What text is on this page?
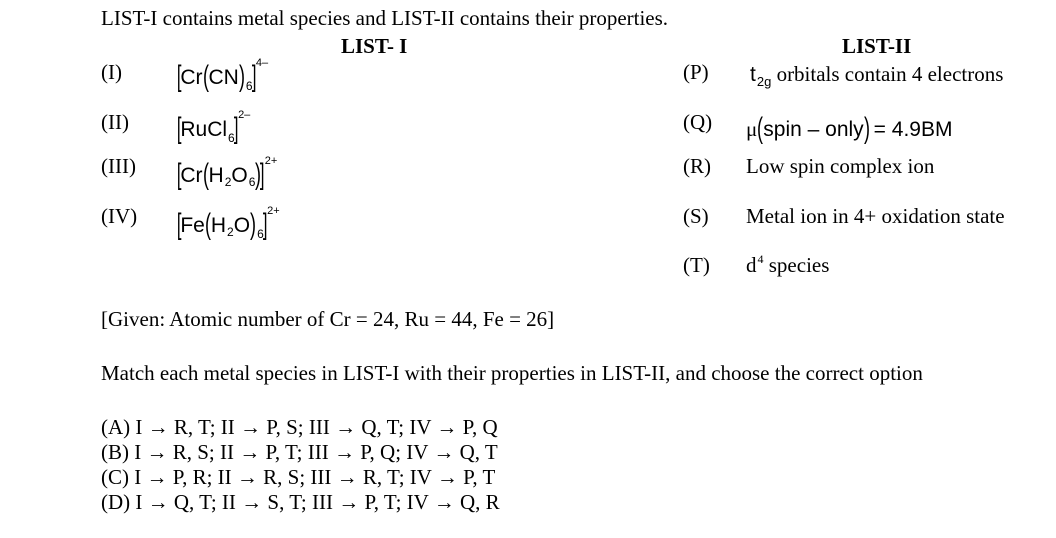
LIST-I contains metal species and LIST-II contains their properties.
LIST- I	LIST-II
(I)
(II)
(III)
(IV)
[
Cr ( CN ) 6
] 4–
[
RuCl 6
] 2–
[
Cr ( H 2 O 6 )
] 2+
[
Fe ( H 2 O ) 6
] 2+
(P)
(Q)
(R)
(S)
(T)
$t_{2g}$ orbitals contain 4 electrons
μ ( spin – only ) = 4.9BM
Low spin complex ion
Metal ion in 4+ oxidation state
$d^4$ species
[Given: Atomic number of Cr = 24, Ru = 44, Fe = 26]
Match each metal species in LIST-I with their properties in LIST-II, and choose the correct option
(A) I → R, T; II → P, S; III → Q, T; IV → P, Q
(B) I → R, S; II → P, T; III → P, Q; IV → Q, T
(C) I → P, R; II → R, S; III → R, T; IV → P, T
(D) I → Q, T; II → S, T; III → P, T; IV → Q, R
